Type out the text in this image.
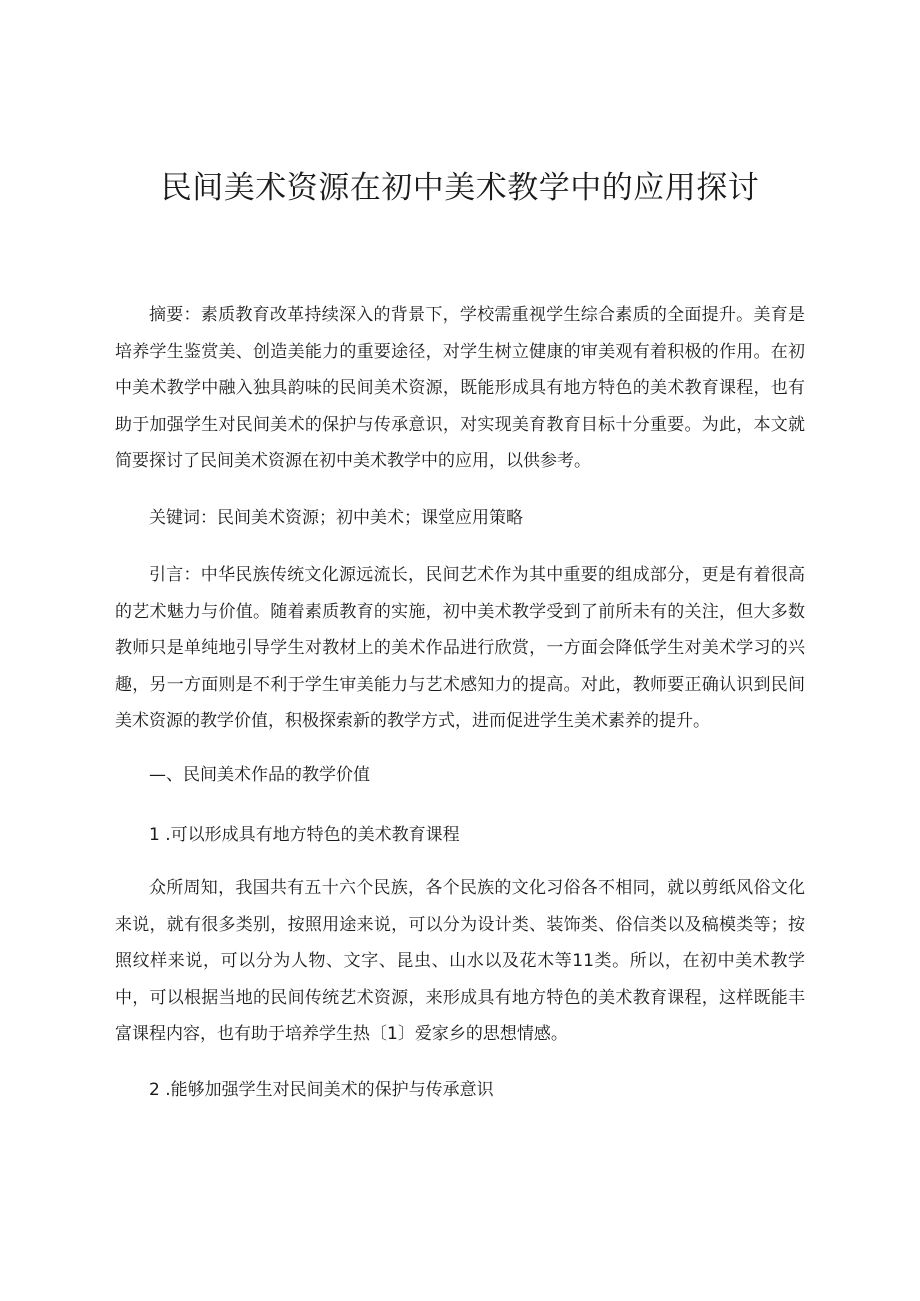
民间美术资源在初中美术教学中的应用探讨

摘要：素质教育改革持续深入的背景下，学校需重视学生综合素质的全面提升。美育是培养学生鉴赏美、创造美能力的重要途径，对学生树立健康的审美观有着积极的作用。在初中美术教学中融入独具韵味的民间美术资源，既能形成具有地方特色的美术教育课程，也有助于加强学生对民间美术的保护与传承意识，对实现美育教育目标十分重要。为此，本文就简要探讨了民间美术资源在初中美术教学中的应用，以供参考。

关键词：民间美术资源；初中美术；课堂应用策略

引言：中华民族传统文化源远流长，民间艺术作为其中重要的组成部分，更是有着很高的艺术魅力与价值。随着素质教育的实施，初中美术教学受到了前所未有的关注，但大多数教师只是单纯地引导学生对教材上的美术作品进行欣赏，一方面会降低学生对美术学习的兴趣，另一方面则是不利于学生审美能力与艺术感知力的提高。对此，教师要正确认识到民间美术资源的教学价值，积极探索新的教学方式，进而促进学生美术素养的提升。

—、民间美术作品的教学价值

1 .可以形成具有地方特色的美术教育课程

众所周知，我国共有五十六个民族，各个民族的文化习俗各不相同，就以剪纸风俗文化来说，就有很多类别，按照用途来说，可以分为设计类、装饰类、俗信类以及稿模类等；按照纹样来说，可以分为人物、文字、昆虫、山水以及花木等11类。所以，在初中美术教学中，可以根据当地的民间传统艺术资源，来形成具有地方特色的美术教育课程，这样既能丰富课程内容，也有助于培养学生热〔1〕爱家乡的思想情感。

2 .能够加强学生对民间美术的保护与传承意识
